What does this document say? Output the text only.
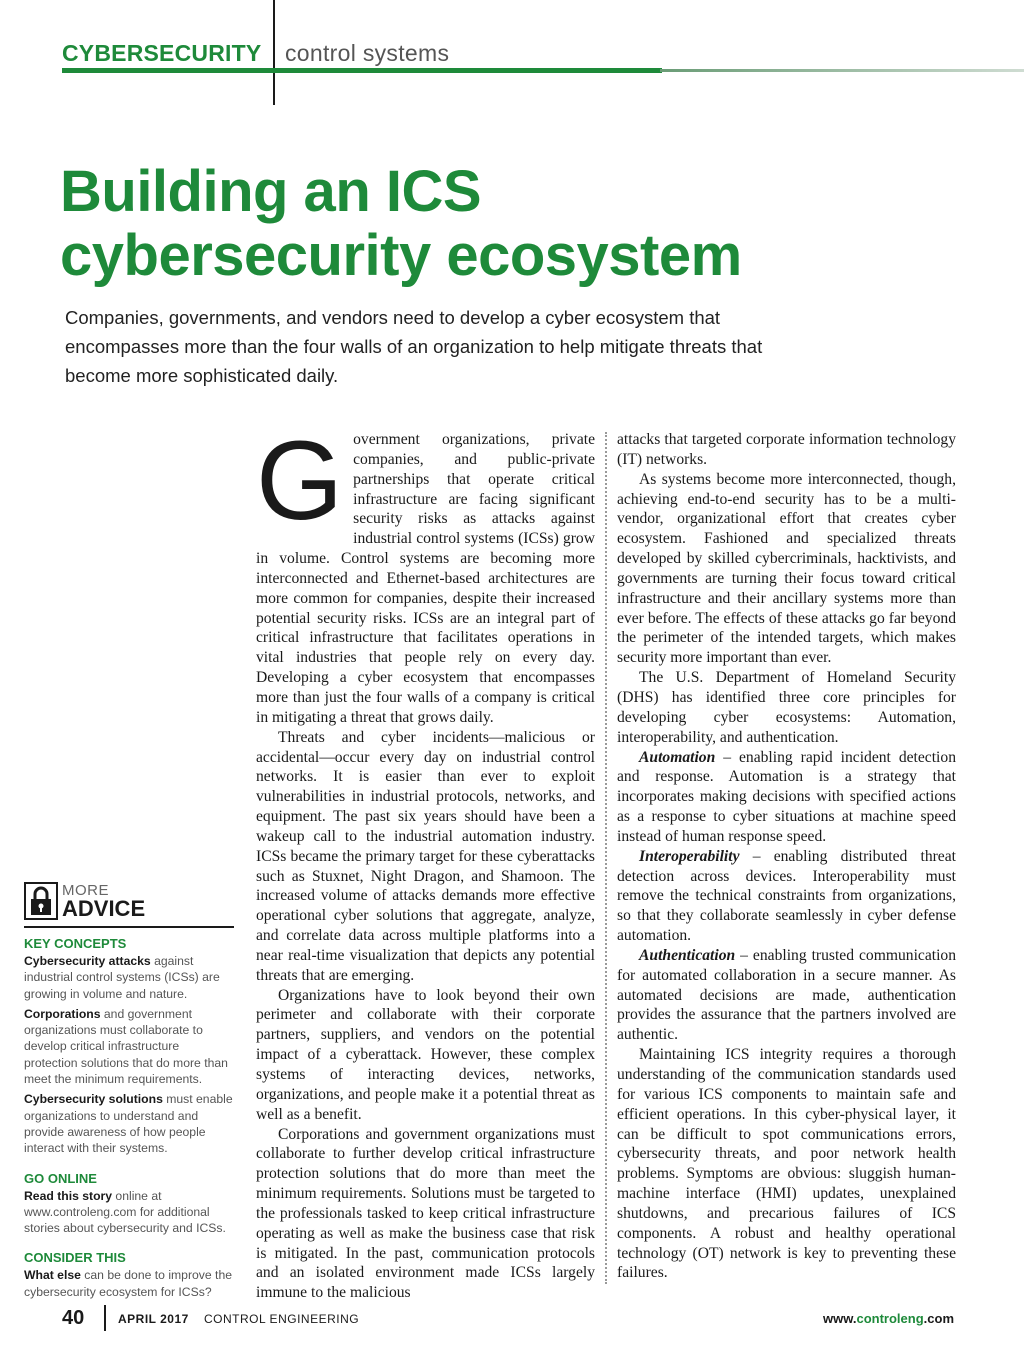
CYBERSECURITY control systems
Building an ICS
cybersecurity ecosystem

Companies, governments, and vendors need to develop a cyber ecosystem that encompasses more than the four walls of an organization to help mitigate threats that become more sophisticated daily.

Government organizations, private companies, and public-private partnerships that operate critical infrastructure are facing significant security risks as attacks against industrial control systems (ICSs) grow in volume. Control systems are becoming more interconnected and Ethernet-based architectures are more common for companies, despite their increased potential security risks. ICSs are an integral part of critical infrastructure that facilitates operations in vital industries that people rely on every day. Developing a cyber ecosystem that encompasses more than just the four walls of a company is critical in mitigating a threat that grows daily.

Threats and cyber incidents—malicious or accidental—occur every day on industrial control networks. It is easier than ever to exploit vulnerabilities in industrial protocols, networks, and equipment. The past six years should have been a wakeup call to the industrial automation industry. ICSs became the primary target for these cyberattacks such as Stuxnet, Night Dragon, and Shamoon. The increased volume of attacks demands more effective operational cyber solutions that aggregate, analyze, and correlate data across multiple platforms into a near real-time visualization that depicts any potential threats that are emerging.

Organizations have to look beyond their own perimeter and collaborate with their corporate partners, suppliers, and vendors on the potential impact of a cyberattack. However, these complex systems of interacting devices, networks, organizations, and people make it a potential threat as well as a benefit.

Corporations and government organizations must collaborate to further develop critical infrastructure protection solutions that do more than meet the minimum requirements. Solutions must be targeted to the professionals tasked to keep critical infrastructure operating as well as make the business case that risk is mitigated. In the past, communication protocols and an isolated environment made ICSs largely immune to the malicious

attacks that targeted corporate information technology (IT) networks.

As systems become more interconnected, though, achieving end-to-end security has to be a multi-vendor, organizational effort that creates cyber ecosystem. Fashioned and specialized threats developed by skilled cybercriminals, hacktivists, and governments are turning their focus toward critical infrastructure and their ancillary systems more than ever before. The effects of these attacks go far beyond the perimeter of the intended targets, which makes security more important than ever.

The U.S. Department of Homeland Security (DHS) has identified three core principles for developing cyber ecosystems: Automation, interoperability, and authentication.

Automation – enabling rapid incident detection and response. Automation is a strategy that incorporates making decisions with specified actions as a response to cyber situations at machine speed instead of human response speed.

Interoperability – enabling distributed threat detection across devices. Interoperability must remove the technical constraints from organizations, so that they collaborate seamlessly in cyber defense automation.

Authentication – enabling trusted communication for automated collaboration in a secure manner. As automated decisions are made, authentication provides the assurance that the partners involved are authentic.

Maintaining ICS integrity requires a thorough understanding of the communication standards used for various ICS components to maintain safe and efficient operations. In this cyber-physical layer, it can be difficult to spot communications errors, cybersecurity threats, and poor network health problems. Symptoms are obvious: sluggish human-machine interface (HMI) updates, unexplained shutdowns, and precarious failures of ICS components. A robust and healthy operational technology (OT) network is key to preventing these failures.

MORE
ADVICE
KEY CONCEPTS

Cybersecurity attacks against industrial control systems (ICSs) are growing in volume and nature.

Corporations and government organizations must collaborate to develop critical infrastructure protection solutions that do more than meet the minimum requirements.

Cybersecurity solutions must enable organizations to understand and provide awareness of how people interact with their systems.

GO ONLINE

Read this story online at www.controleng.com for additional stories about cybersecurity and ICSs.

CONSIDER THIS

What else can be done to improve the cybersecurity ecosystem for ICSs?

40	APRIL 2017 CONTROL ENGINEERING	www.controleng.com
